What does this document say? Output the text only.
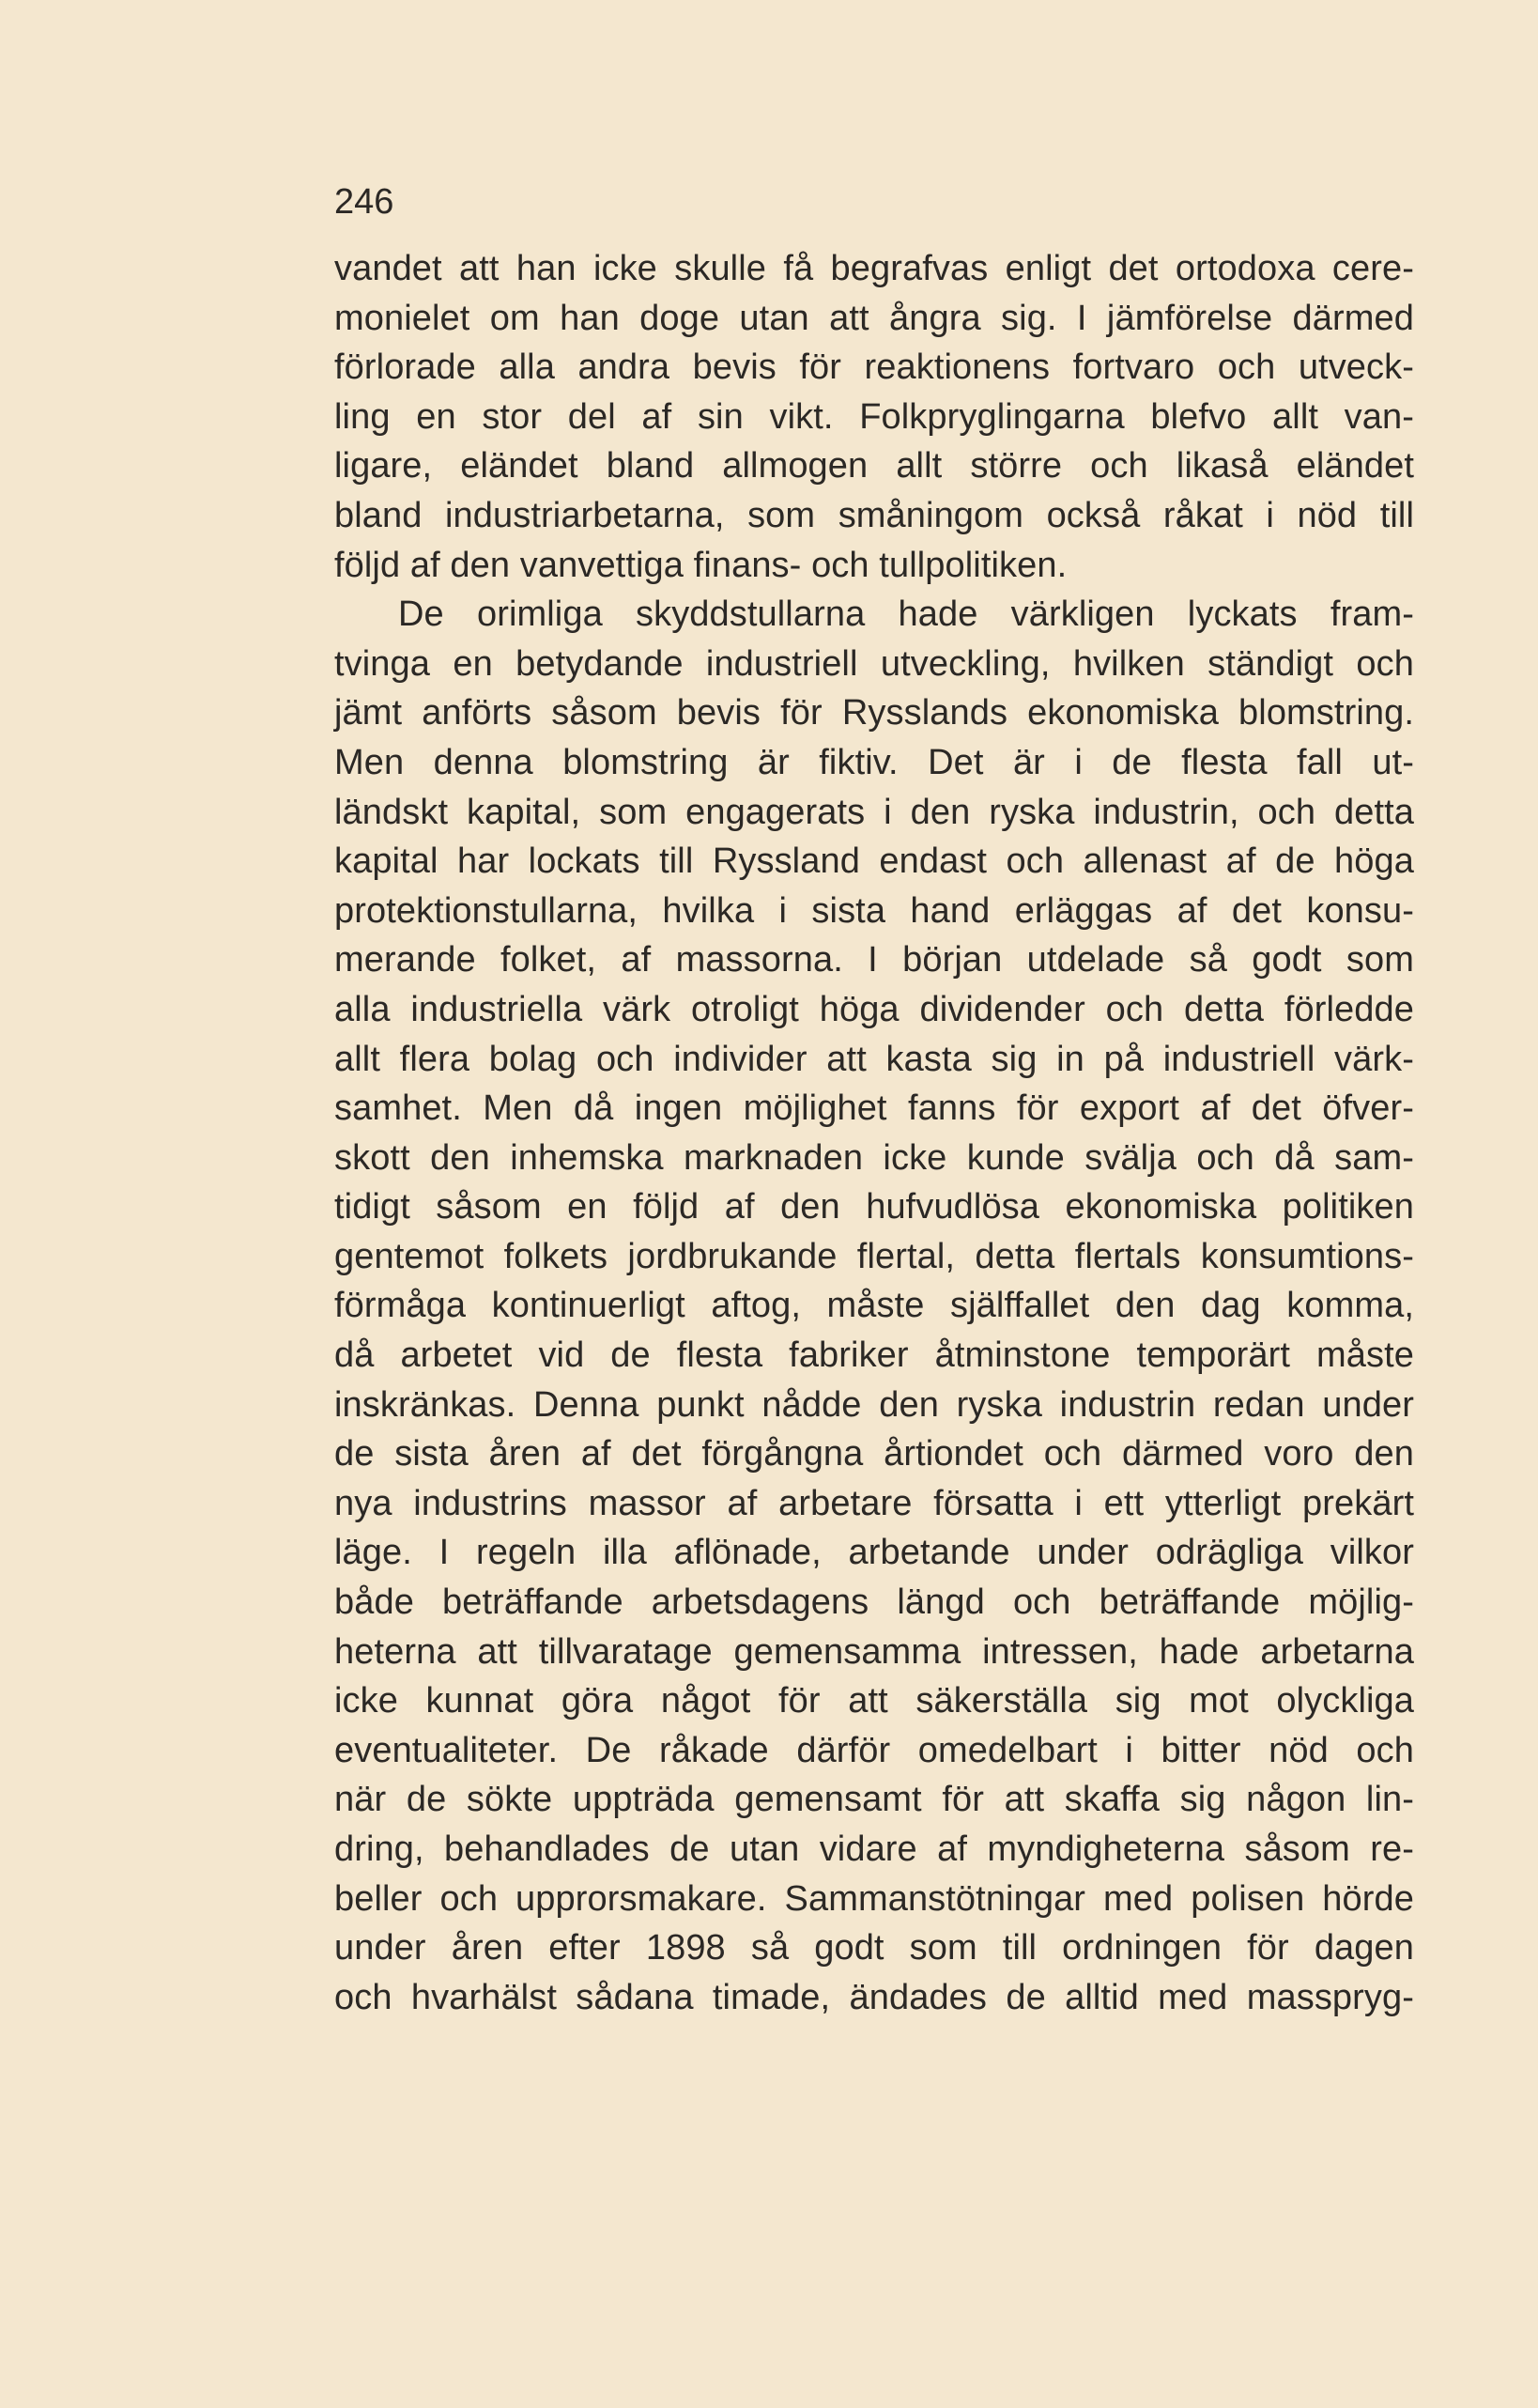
246
vandet att han icke skulle få begrafvas enligt det ortodoxa cere-
monielet om han doge utan att ångra sig. I jämförelse därmed
förlorade alla andra bevis för reaktionens fortvaro och utveck-
ling en stor del af sin vikt. Folkpryglingarna blefvo allt van-
ligare, eländet bland allmogen allt större och likaså eländet
bland industriarbetarna, som småningom också råkat i nöd till
följd af den vanvettiga finans- och tullpolitiken.
De orimliga skyddstullarna hade värkligen lyckats fram-
tvinga en betydande industriell utveckling, hvilken ständigt och
jämt anförts såsom bevis för Rysslands ekonomiska blomstring.
Men denna blomstring är fiktiv. Det är i de flesta fall ut-
ländskt kapital, som engagerats i den ryska industrin, och detta
kapital har lockats till Ryssland endast och allenast af de höga
protektionstullarna, hvilka i sista hand erläggas af det konsu-
merande folket, af massorna. I början utdelade så godt som
alla industriella värk otroligt höga dividender och detta förledde
allt flera bolag och individer att kasta sig in på industriell värk-
samhet. Men då ingen möjlighet fanns för export af det öfver-
skott den inhemska marknaden icke kunde svälja och då sam-
tidigt såsom en följd af den hufvudlösa ekonomiska politiken
gentemot folkets jordbrukande flertal, detta flertals konsumtions-
förmåga kontinuerligt aftog, måste själffallet den dag komma,
då arbetet vid de flesta fabriker åtminstone temporärt måste
inskränkas. Denna punkt nådde den ryska industrin redan under
de sista åren af det förgångna årtiondet och därmed voro den
nya industrins massor af arbetare försatta i ett ytterligt prekärt
läge. I regeln illa aflönade, arbetande under odrägliga vilkor
både beträffande arbetsdagens längd och beträffande möjlig-
heterna att tillvaratage gemensamma intressen, hade arbetarna
icke kunnat göra något för att säkerställa sig mot olyckliga
eventualiteter. De råkade därför omedelbart i bitter nöd och
när de sökte uppträda gemensamt för att skaffa sig någon lin-
dring, behandlades de utan vidare af myndigheterna såsom re-
beller och upprorsmakare. Sammanstötningar med polisen hörde
under åren efter 1898 så godt som till ordningen för dagen
och hvarhälst sådana timade, ändades de alltid med masspryg-
